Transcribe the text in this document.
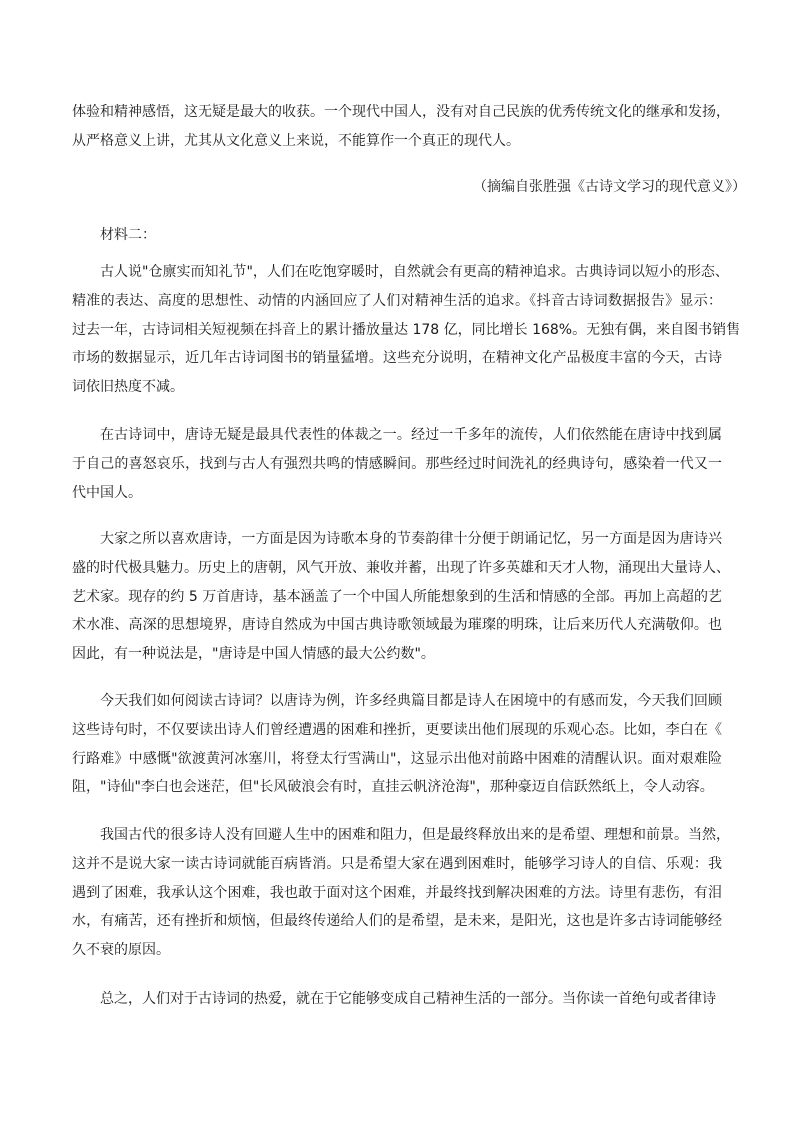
体验和精神感悟，这无疑是最大的收获。一个现代中国人，没有对自己民族的优秀传统文化的继承和发扬，
从严格意义上讲，尤其从文化意义上来说，不能算作一个真正的现代人。
（摘编自张胜强《古诗文学习的现代意义》）
材料二：
古人说"仓廪实而知礼节"，人们在吃饱穿暖时，自然就会有更高的精神追求。古典诗词以短小的形态、
精准的表达、高度的思想性、动情的内涵回应了人们对精神生活的追求。《抖音古诗词数据报告》显示：
过去一年，古诗词相关短视频在抖音上的累计播放量达 178 亿，同比增长 168%。无独有偶，来自图书销售
市场的数据显示，近几年古诗词图书的销量猛增。这些充分说明，在精神文化产品极度丰富的今天，古诗
词依旧热度不减。
在古诗词中，唐诗无疑是最具代表性的体裁之一。经过一千多年的流传，人们依然能在唐诗中找到属
于自己的喜怒哀乐，找到与古人有强烈共鸣的情感瞬间。那些经过时间洗礼的经典诗句，感染着一代又一
代中国人。
大家之所以喜欢唐诗，一方面是因为诗歌本身的节奏韵律十分便于朗诵记忆，另一方面是因为唐诗兴
盛的时代极具魅力。历史上的唐朝，风气开放、兼收并蓄，出现了许多英雄和天才人物，涌现出大量诗人、
艺术家。现存的约 5 万首唐诗，基本涵盖了一个中国人所能想象到的生活和情感的全部。再加上高超的艺
术水准、高深的思想境界，唐诗自然成为中国古典诗歌领域最为璀璨的明珠，让后来历代人充满敬仰。也
因此，有一种说法是，"唐诗是中国人情感的最大公约数"。
今天我们如何阅读古诗词？以唐诗为例，许多经典篇目都是诗人在困境中的有感而发，今天我们回顾
这些诗句时，不仅要读出诗人们曾经遭遇的困难和挫折，更要读出他们展现的乐观心态。比如，李白在《
行路难》中感慨"欲渡黄河冰塞川，将登太行雪满山"，这显示出他对前路中困难的清醒认识。面对艰难险
阻，"诗仙"李白也会迷茫，但"长风破浪会有时，直挂云帆济沧海"，那种豪迈自信跃然纸上，令人动容。
我国古代的很多诗人没有回避人生中的困难和阻力，但是最终释放出来的是希望、理想和前景。当然，
这并不是说大家一读古诗词就能百病皆消。只是希望大家在遇到困难时，能够学习诗人的自信、乐观：我
遇到了困难，我承认这个困难，我也敢于面对这个困难，并最终找到解决困难的方法。诗里有悲伤，有泪
水，有痛苦，还有挫折和烦恼，但最终传递给人们的是希望，是未来，是阳光，这也是许多古诗词能够经
久不衰的原因。
总之，人们对于古诗词的热爱，就在于它能够变成自己精神生活的一部分。当你读一首绝句或者律诗
